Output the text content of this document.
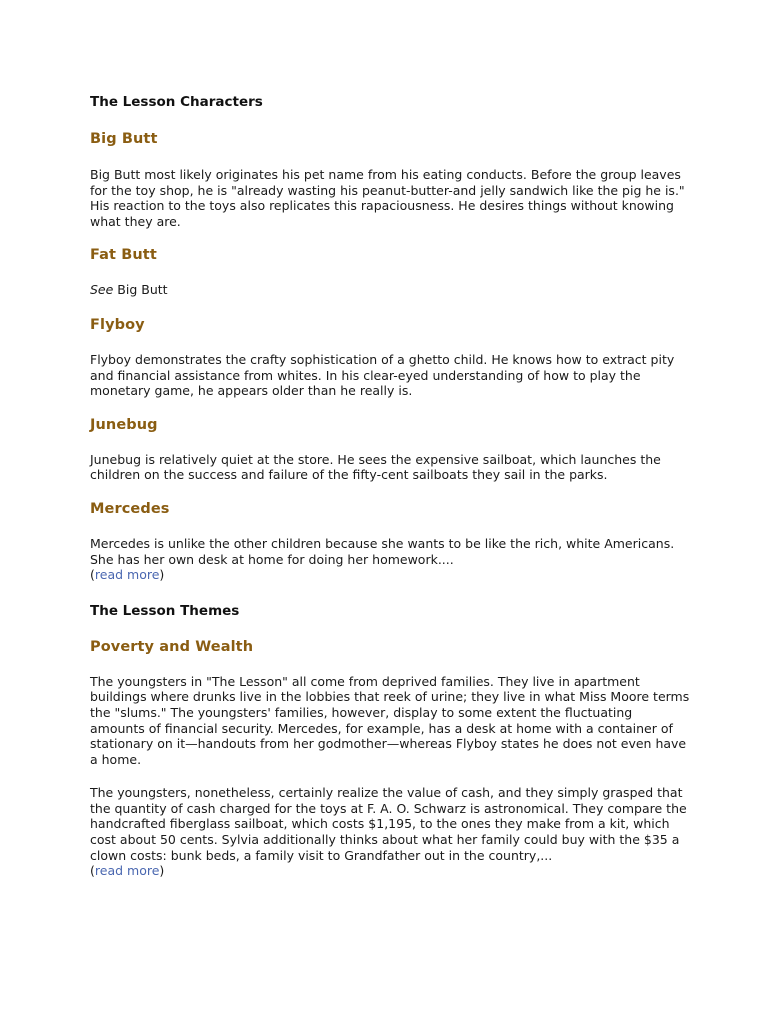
The Lesson Characters
Big Butt

Big Butt most likely originates his pet name from his eating conducts. Before the group leaves for the toy shop, he is "already wasting his peanut-butter-and jelly sandwich like the pig he is." His reaction to the toys also replicates this rapaciousness. He desires things without knowing what they are.

Fat Butt

See Big Butt

Flyboy

Flyboy demonstrates the crafty sophistication of a ghetto child. He knows how to extract pity and financial assistance from whites. In his clear-eyed understanding of how to play the monetary game, he appears older than he really is.

Junebug

Junebug is relatively quiet at the store. He sees the expensive sailboat, which launches the children on the success and failure of the fifty-cent sailboats they sail in the parks.

Mercedes

Mercedes is unlike the other children because she wants to be like the rich, white Americans. She has her own desk at home for doing her homework....

(read more)

The Lesson Themes
Poverty and Wealth

The youngsters in "The Lesson" all come from deprived families. They live in apartment buildings where drunks live in the lobbies that reek of urine; they live in what Miss Moore terms the "slums." The youngsters' families, however, display to some extent the fluctuating amounts of financial security. Mercedes, for example, has a desk at home with a container of stationary on it—handouts from her godmother—whereas Flyboy states he does not even have a home.

The youngsters, nonetheless, certainly realize the value of cash, and they simply grasped that the quantity of cash charged for the toys at F. A. O. Schwarz is astronomical. They compare the handcrafted fiberglass sailboat, which costs $1,195, to the ones they make from a kit, which cost about 50 cents. Sylvia additionally thinks about what her family could buy with the $35 a clown costs: bunk beds, a family visit to Grandfather out in the country,...

(read more)
